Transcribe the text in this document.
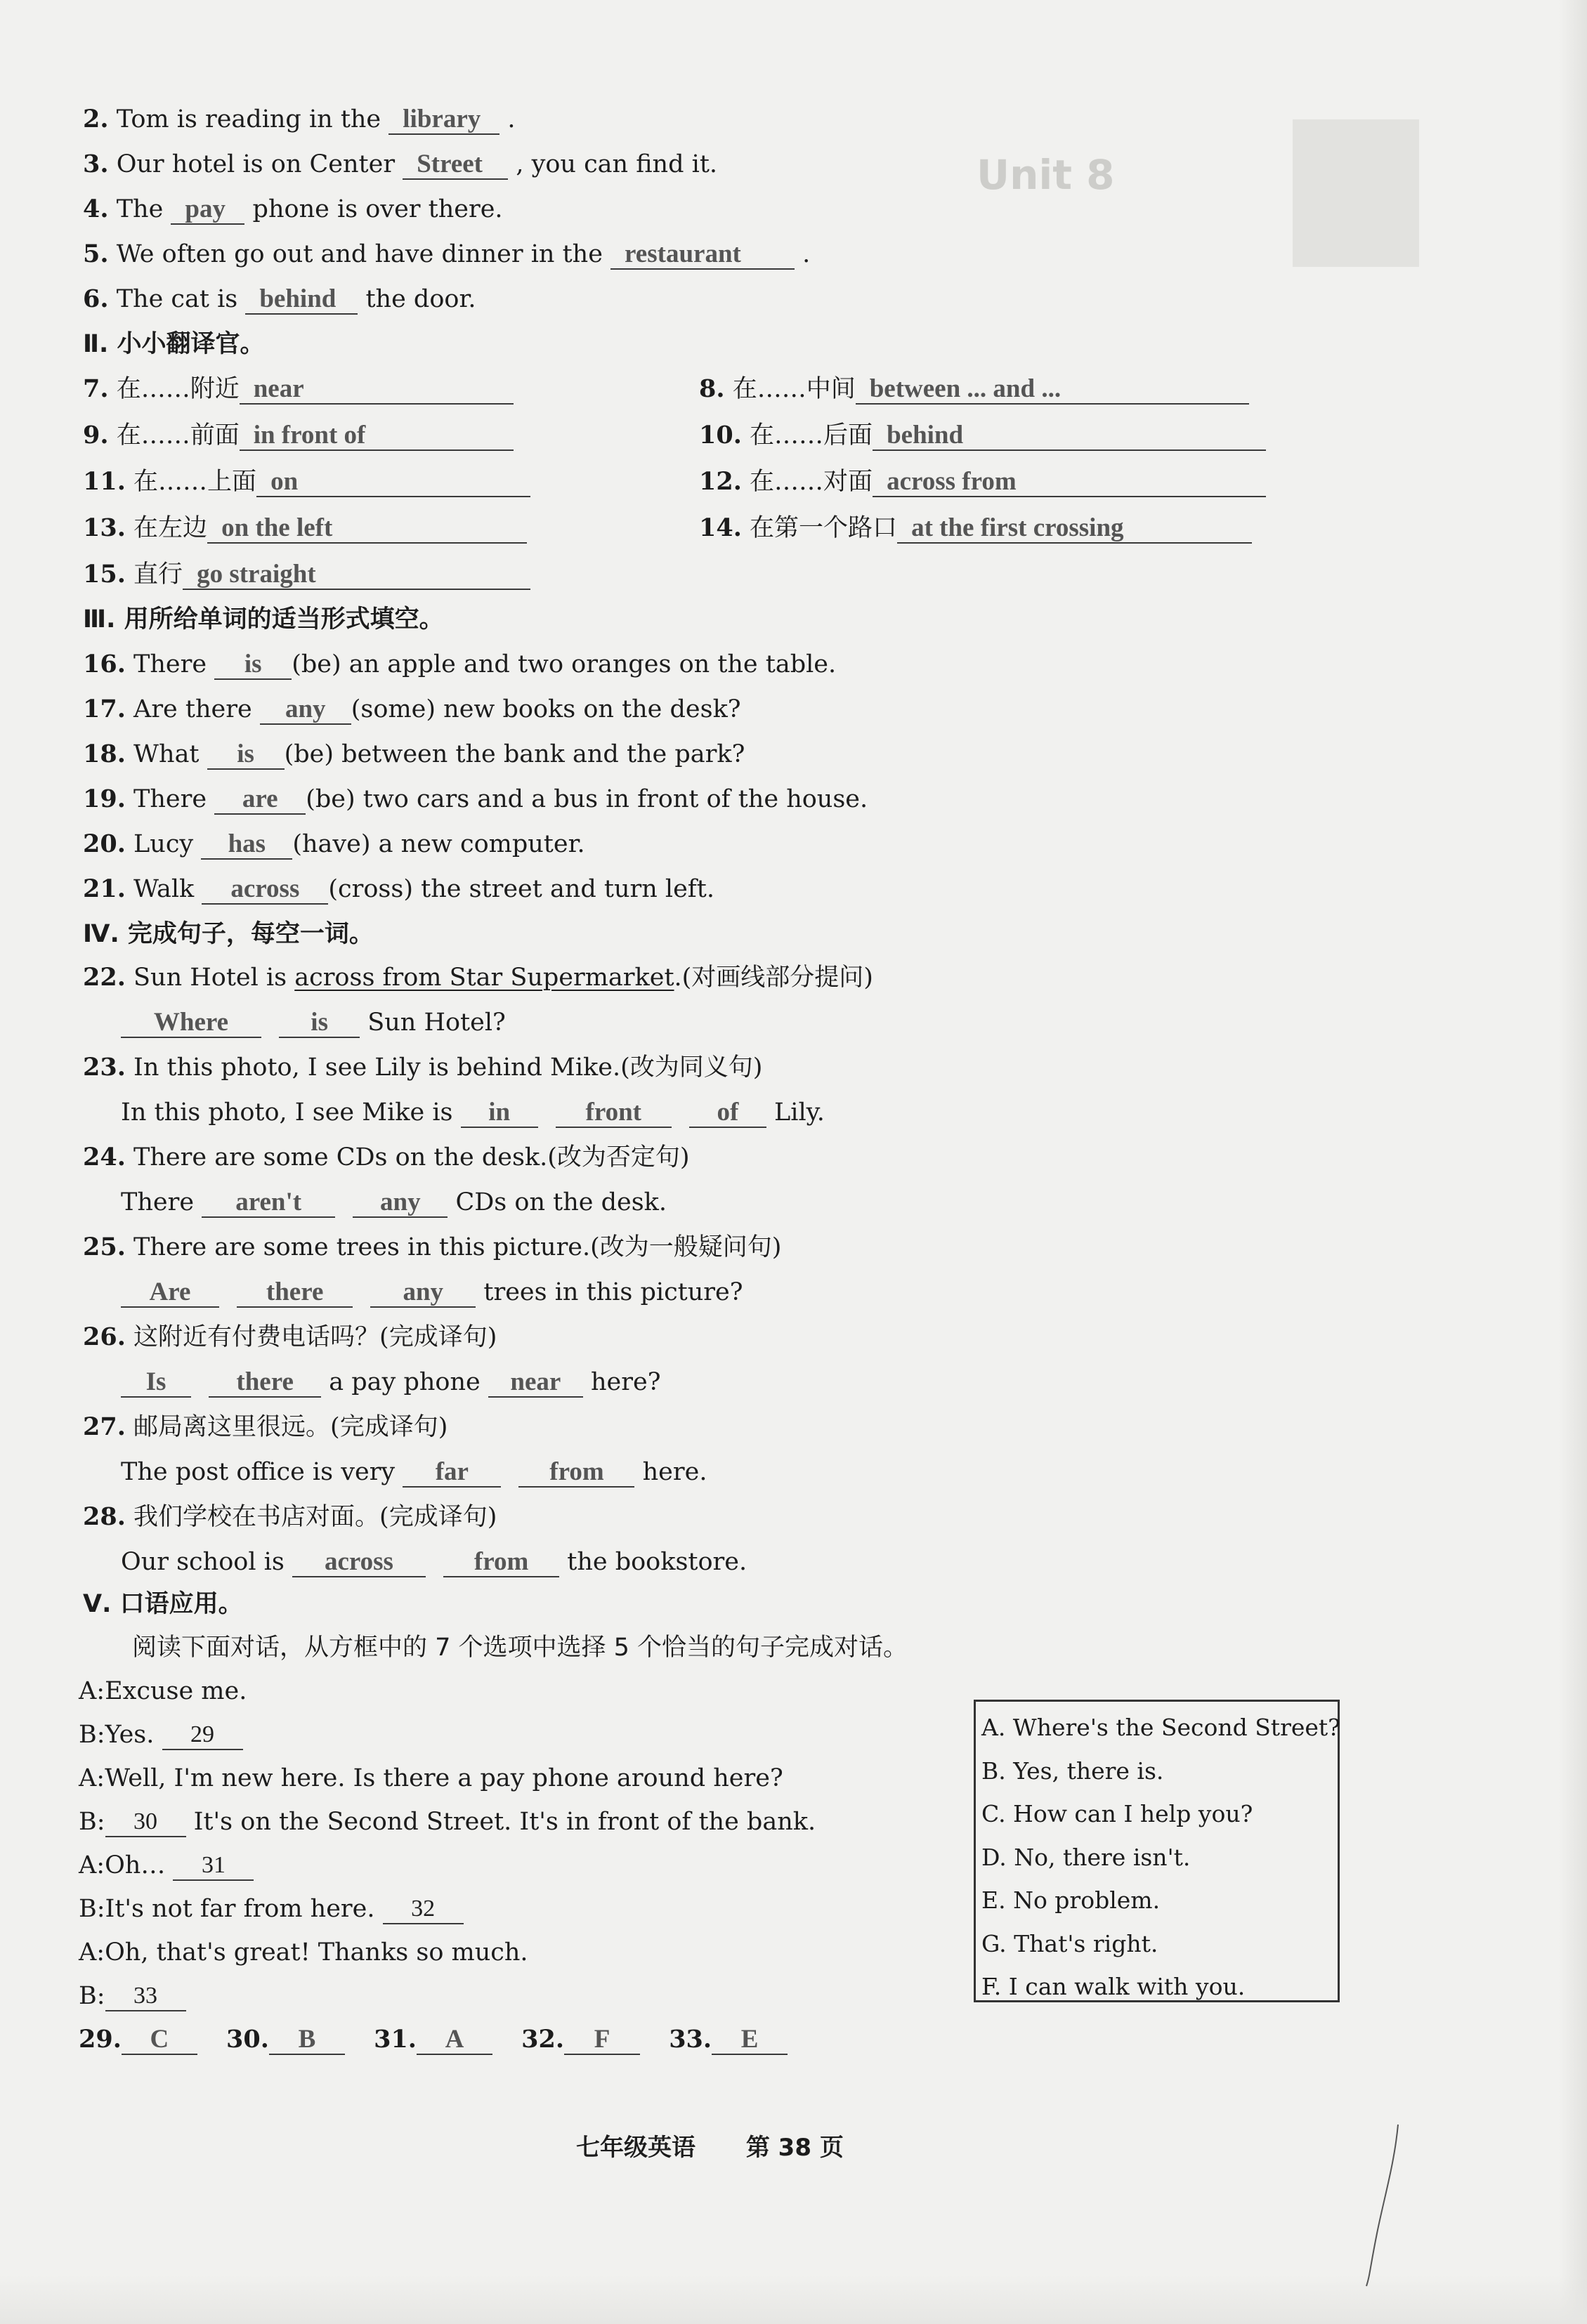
Unit 8
2. Tom is reading in the library .
3. Our hotel is on Center Street , you can find it.
4. The pay phone is over there.
5. We often go out and have dinner in the restaurant .
6. The cat is behind the door.
Ⅱ. 小小翻译官。
7. 在……附近 near	8. 在……中间 between ... and ...
9. 在……前面 in front of	10. 在……后面 behind
11. 在……上面 on	12. 在……对面 across from
13. 在左边 on the left	14. 在第一个路口 at the first crossing
15. 直行 go straight
Ⅲ. 用所给单词的适当形式填空。
16. There is (be) an apple and two oranges on the table.
17. Are there any (some) new books on the desk?
18. What is (be) between the bank and the park?
19. There are (be) two cars and a bus in front of the house.
20. Lucy has (have) a new computer.
21. Walk across (cross) the street and turn left.
Ⅳ. 完成句子，每空一词。
22. Sun Hotel is across from Star Supermarket.(对画线部分提问)
Where	is Sun Hotel?
23. In this photo, I see Lily is behind Mike.(改为同义句)
In this photo, I see Mike is in	front	of Lily.
24. There are some CDs on the desk.(改为否定句)
There aren't	any CDs on the desk.
25. There are some trees in this picture.(改为一般疑问句)
Are	there	any trees in this picture?
26. 这附近有付费电话吗？(完成译句)
Is	there a pay phone near here?
27. 邮局离这里很远。(完成译句)
The post office is very far	from here.
28. 我们学校在书店对面。(完成译句)
Our school is across	from the bookstore.
Ⅴ. 口语应用。
阅读下面对话，从方框中的 7 个选项中选择 5 个恰当的句子完成对话。
A:Excuse me.
B:Yes. 29
A:Well, I'm new here. Is there a pay phone around here?
B: 30 It's on the Second Street. It's in front of the bank.
A:Oh… 31
B:It's not far from here. 32
A:Oh, that's great! Thanks so much.
B: 33
A. Where's the Second Street?
B. Yes, there is.
C. How can I help you?
D. No, there isn't.
E. No problem.
G. That's right.
F. I can walk with you.
29. C 30. B 31. A 32. F 33. E
七年级英语 第 38 页
